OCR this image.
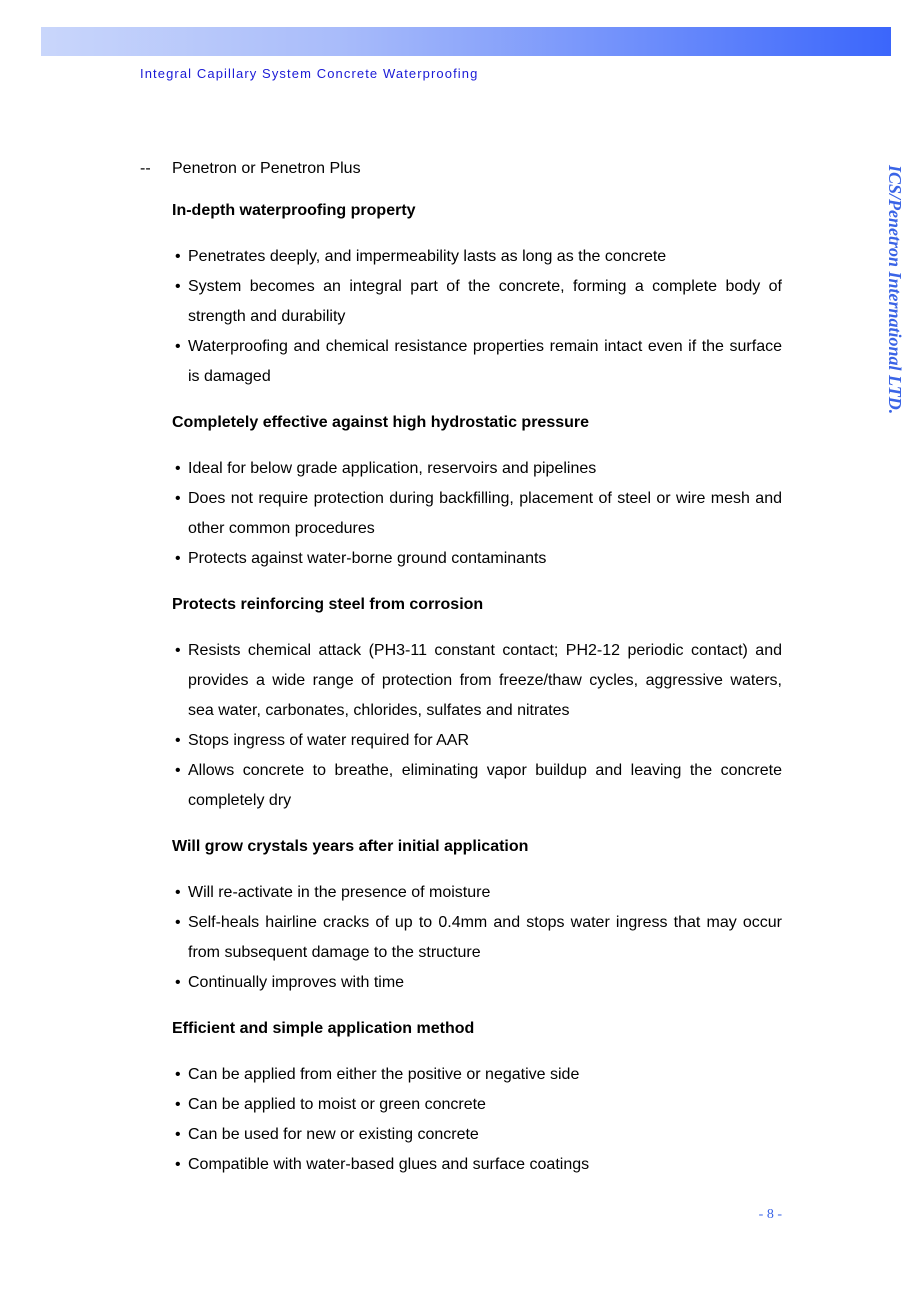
Integral Capillary System Concrete Waterproofing
ICS/Penetron International LTD.
--	Penetron or Penetron Plus
In-depth waterproofing property
• Penetrates deeply, and impermeability lasts as long as the concrete
• System becomes an integral part of the concrete, forming a complete body of strength and durability
• Waterproofing and chemical resistance properties remain intact even if the surface is damaged
Completely effective against high hydrostatic pressure
• Ideal for below grade application, reservoirs and pipelines
• Does not require protection during backfilling, placement of steel or wire mesh and other common procedures
• Protects against water-borne ground contaminants
Protects reinforcing steel from corrosion
• Resists chemical attack (PH3-11 constant contact; PH2-12 periodic contact) and provides a wide range of protection from freeze/thaw cycles, aggressive waters, sea water, carbonates, chlorides, sulfates and nitrates
• Stops ingress of water required for AAR
• Allows concrete to breathe, eliminating vapor buildup and leaving the concrete completely dry
Will grow crystals years after initial application
• Will re-activate in the presence of moisture
• Self-heals hairline cracks of up to 0.4mm and stops water ingress that may occur from subsequent damage to the structure
• Continually improves with time
Efficient and simple application method
• Can be applied from either the positive or negative side
• Can be applied to moist or green concrete
• Can be used for new or existing concrete
• Compatible with water-based glues and surface coatings
- 8 -
